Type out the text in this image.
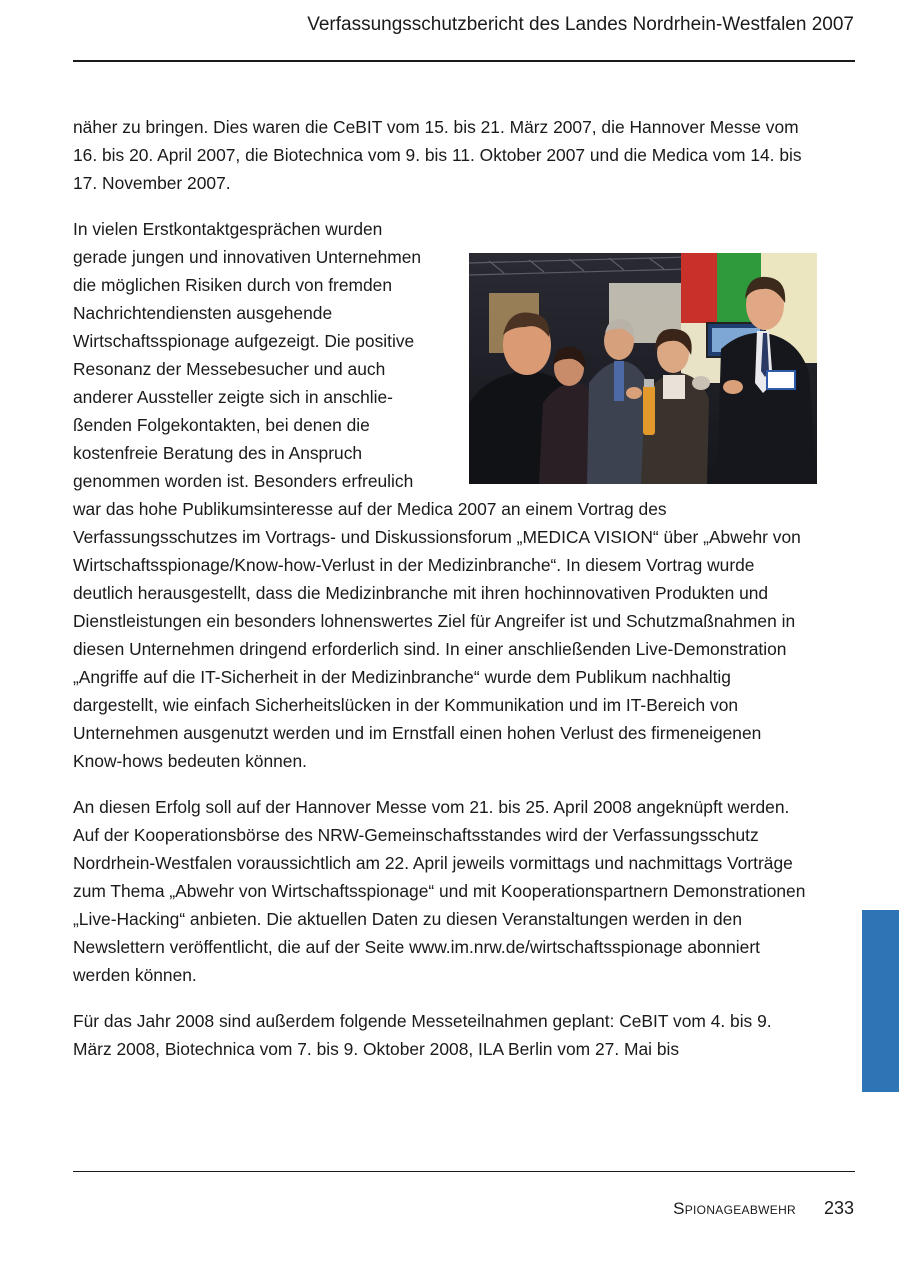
Verfassungsschutzbericht des Landes Nordrhein-Westfalen 2007

näher zu bringen. Dies waren die CeBIT vom 15. bis 21. März 2007, die Hannover Messe vom 16. bis 20. April 2007, die Biotechnica vom 9. bis 11. Oktober 2007 und die Medica vom 14. bis 17. November 2007.

In vielen Erstkontaktgesprächen wurden gerade jungen und innovativen Unternehmen die möglichen Risiken durch von fremden Nachrichtendiensten ausgehende Wirtschaftsspionage aufgezeigt. Die positive Resonanz der Messebesucher und auch anderer Aussteller zeigte sich in anschließenden Folgekontakten, bei denen die kostenfreie Beratung des in Anspruch genommen worden ist. Besonders erfreulich war das hohe Publikumsinteresse auf der Medica 2007 an einem Vortrag des Verfassungsschutzes im Vortrags- und Diskussionsforum „MEDICA VISION“ über „Abwehr von Wirtschaftsspionage/Know-how-Verlust in der Medizinbranche“. In diesem Vortrag wurde deutlich herausgestellt, dass die Medizinbranche mit ihren hochinnovativen Produkten und Dienstleistungen ein besonders lohnenswertes Ziel für Angreifer ist und Schutzmaßnahmen in diesen Unternehmen dringend erforderlich sind. In einer anschließenden Live-Demonstration „Angriffe auf die IT-Sicherheit in der Medizinbranche“ wurde dem Publikum nachhaltig dargestellt, wie einfach Sicherheitslücken in der Kommunikation und im IT-Bereich von Unternehmen ausgenutzt werden und im Ernstfall einen hohen Verlust des firmeneigenen Know-hows bedeuten können.

An diesen Erfolg soll auf der Hannover Messe vom 21. bis 25. April 2008 angeknüpft werden. Auf der Kooperationsbörse des NRW-Gemeinschaftsstandes wird der Verfassungsschutz Nordrhein-Westfalen voraussichtlich am 22. April jeweils vormittags und nachmittags Vorträge zum Thema „Abwehr von Wirtschaftsspionage“ und mit Kooperationspartnern Demonstrationen „Live-Hacking“ anbieten. Die aktuellen Daten zu diesen Veranstaltungen werden in den Newslettern veröffentlicht, die auf der Seite www.im.nrw.de/wirtschaftsspionage abonniert werden können.

Für das Jahr 2008 sind außerdem folgende Messeteilnahmen geplant: CeBIT vom 4. bis 9. März 2008, Biotechnica vom 7. bis 9. Oktober 2008, ILA Berlin vom 27. Mai bis

Spionageabwehr 233
